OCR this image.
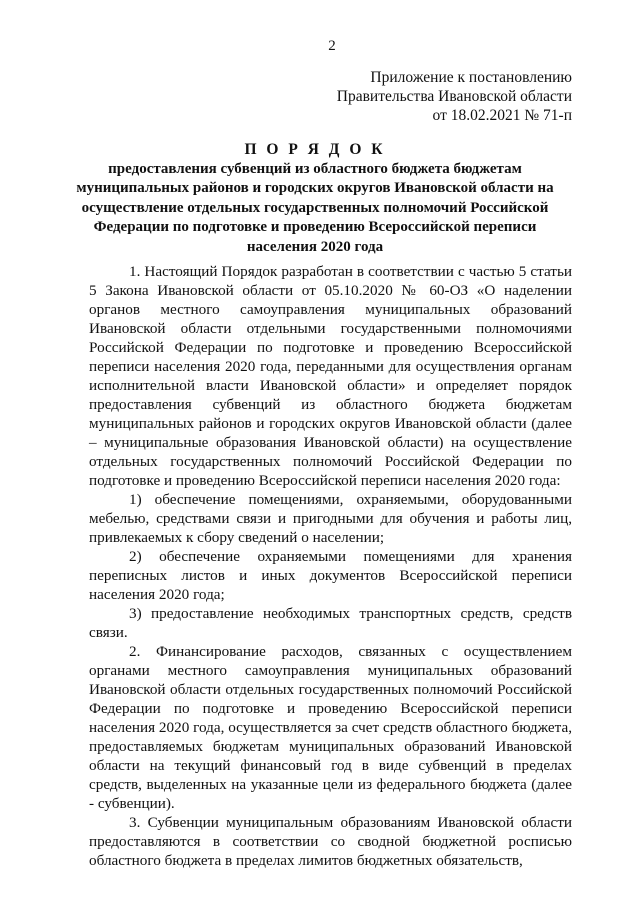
2
Приложение к постановлению
Правительства Ивановской области
от 18.02.2021 № 71-п
П О Р Я Д О К
предоставления субвенций из областного бюджета бюджетам муниципальных районов и городских округов Ивановской области на осуществление отдельных государственных полномочий Российской Федерации по подготовке и проведению Всероссийской переписи населения 2020 года

1. Настоящий Порядок разработан в соответствии с частью 5 статьи 5 Закона Ивановской области от 05.10.2020 № 60-ОЗ «О наделении органов местного самоуправления муниципальных образований Ивановской области отдельными государственными полномочиями Российской Федерации по подготовке и проведению Всероссийской переписи населения 2020 года, переданными для осуществления органам исполнительной власти Ивановской области» и определяет порядок предоставления субвенций из областного бюджета бюджетам муниципальных районов и городских округов Ивановской области (далее – муниципальные образования Ивановской области) на осуществление отдельных государственных полномочий Российской Федерации по подготовке и проведению Всероссийской переписи населения 2020 года:

1) обеспечение помещениями, охраняемыми, оборудованными мебелью, средствами связи и пригодными для обучения и работы лиц, привлекаемых к сбору сведений о населении;

2) обеспечение охраняемыми помещениями для хранения переписных листов и иных документов Всероссийской переписи населения 2020 года;

3) предоставление необходимых транспортных средств, средств связи.

2. Финансирование расходов, связанных с осуществлением органами местного самоуправления муниципальных образований Ивановской области отдельных государственных полномочий Российской Федерации по подготовке и проведению Всероссийской переписи населения 2020 года, осуществляется за счет средств областного бюджета, предоставляемых бюджетам муниципальных образований Ивановской области на текущий финансовый год в виде субвенций в пределах средств, выделенных на указанные цели из федерального бюджета (далее - субвенции).

3. Субвенции муниципальным образованиям Ивановской области предоставляются в соответствии со сводной бюджетной росписью областного бюджета в пределах лимитов бюджетных обязательств,
